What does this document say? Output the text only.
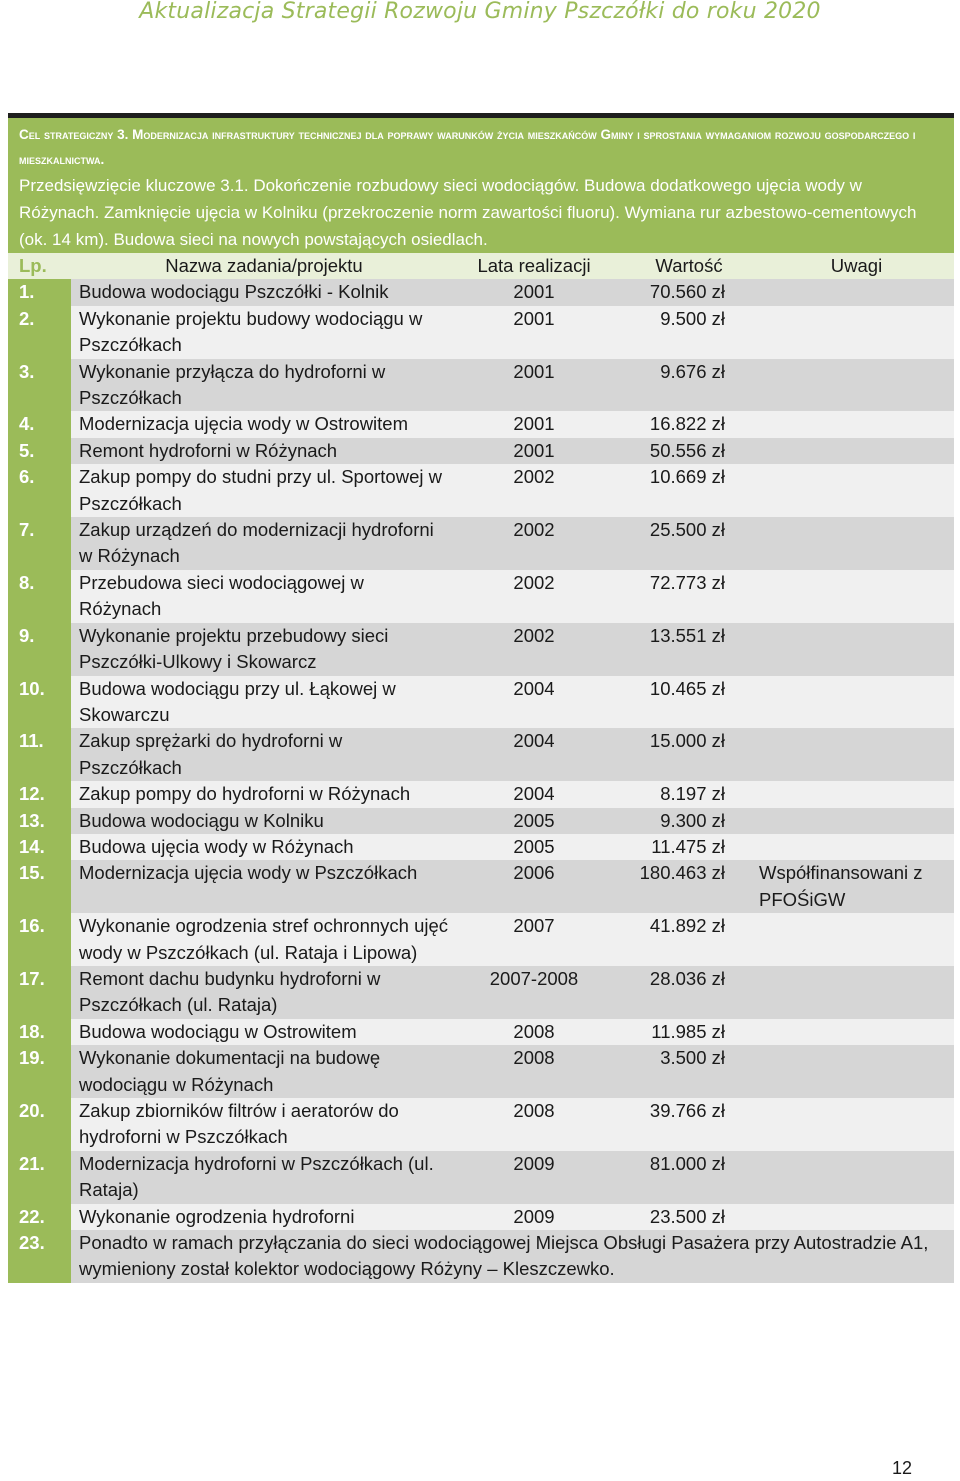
Aktualizacja Strategii Rozwoju Gminy Pszczółki do roku 2020
Cel strategiczny 3. Modernizacja infrastruktury technicznej dla poprawy warunków życia mieszkańców Gminy i sprostania wymaganiom rozwoju gospodarczego i mieszkalnictwa.
Przedsięwzięcie kluczowe 3.1. Dokończenie rozbudowy sieci wodociągów. Budowa dodatkowego ujęcia wody w Różynach. Zamknięcie ujęcia w Kolniku (przekroczenie norm zawartości fluoru). Wymiana rur azbestowo-cementowych (ok. 14 km). Budowa sieci na nowych powstających osiedlach.
Lp.	Nazwa zadania/projektu	Lata realizacji	Wartość	Uwagi
1.	Budowa wodociągu Pszczółki - Kolnik	2001	70.560 zł	
2.	Wykonanie projektu budowy wodociągu w Pszczółkach	2001	9.500 zł	
3.	Wykonanie przyłącza do hydroforni w Pszczółkach	2001	9.676 zł	
4.	Modernizacja ujęcia wody w Ostrowitem	2001	16.822 zł	
5.	Remont hydroforni w Różynach	2001	50.556 zł	
6.	Zakup pompy do studni przy ul. Sportowej w Pszczółkach	2002	10.669 zł	
7.	Zakup urządzeń do modernizacji hydroforni w Różynach	2002	25.500 zł	
8.	Przebudowa sieci wodociągowej w Różynach	2002	72.773 zł	
9.	Wykonanie projektu przebudowy sieci Pszczółki-Ulkowy i Skowarcz	2002	13.551 zł	
10.	Budowa wodociągu przy ul. Łąkowej w Skowarczu	2004	10.465 zł	
11.	Zakup sprężarki do hydroforni w Pszczółkach	2004	15.000 zł	
12.	Zakup pompy do hydroforni w Różynach	2004	8.197 zł	
13.	Budowa wodociągu w Kolniku	2005	9.300 zł	
14.	Budowa ujęcia wody w Różynach	2005	11.475 zł	
15.	Modernizacja ujęcia wody w Pszczółkach	2006	180.463 zł	Współfinansowani z PFOŚiGW
16.	Wykonanie ogrodzenia stref ochronnych ujęć wody w Pszczółkach (ul. Rataja i Lipowa)	2007	41.892 zł	
17.	Remont dachu budynku hydroforni w Pszczółkach (ul. Rataja)	2007-2008	28.036 zł	
18.	Budowa wodociągu w Ostrowitem	2008	11.985 zł	
19.	Wykonanie dokumentacji na budowę wodociągu w Różynach	2008	3.500 zł	
20.	Zakup zbiorników filtrów i aeratorów do hydroforni w Pszczółkach	2008	39.766 zł	
21.	Modernizacja hydroforni w Pszczółkach (ul. Rataja)	2009	81.000 zł	
22.	Wykonanie ogrodzenia hydroforni	2009	23.500 zł	
23.	Ponadto w ramach przyłączania do sieci wodociągowej Miejsca Obsługi Pasażera przy Autostradzie A1, wymieniony został kolektor wodociągowy Różyny – Kleszczewko.			
12
